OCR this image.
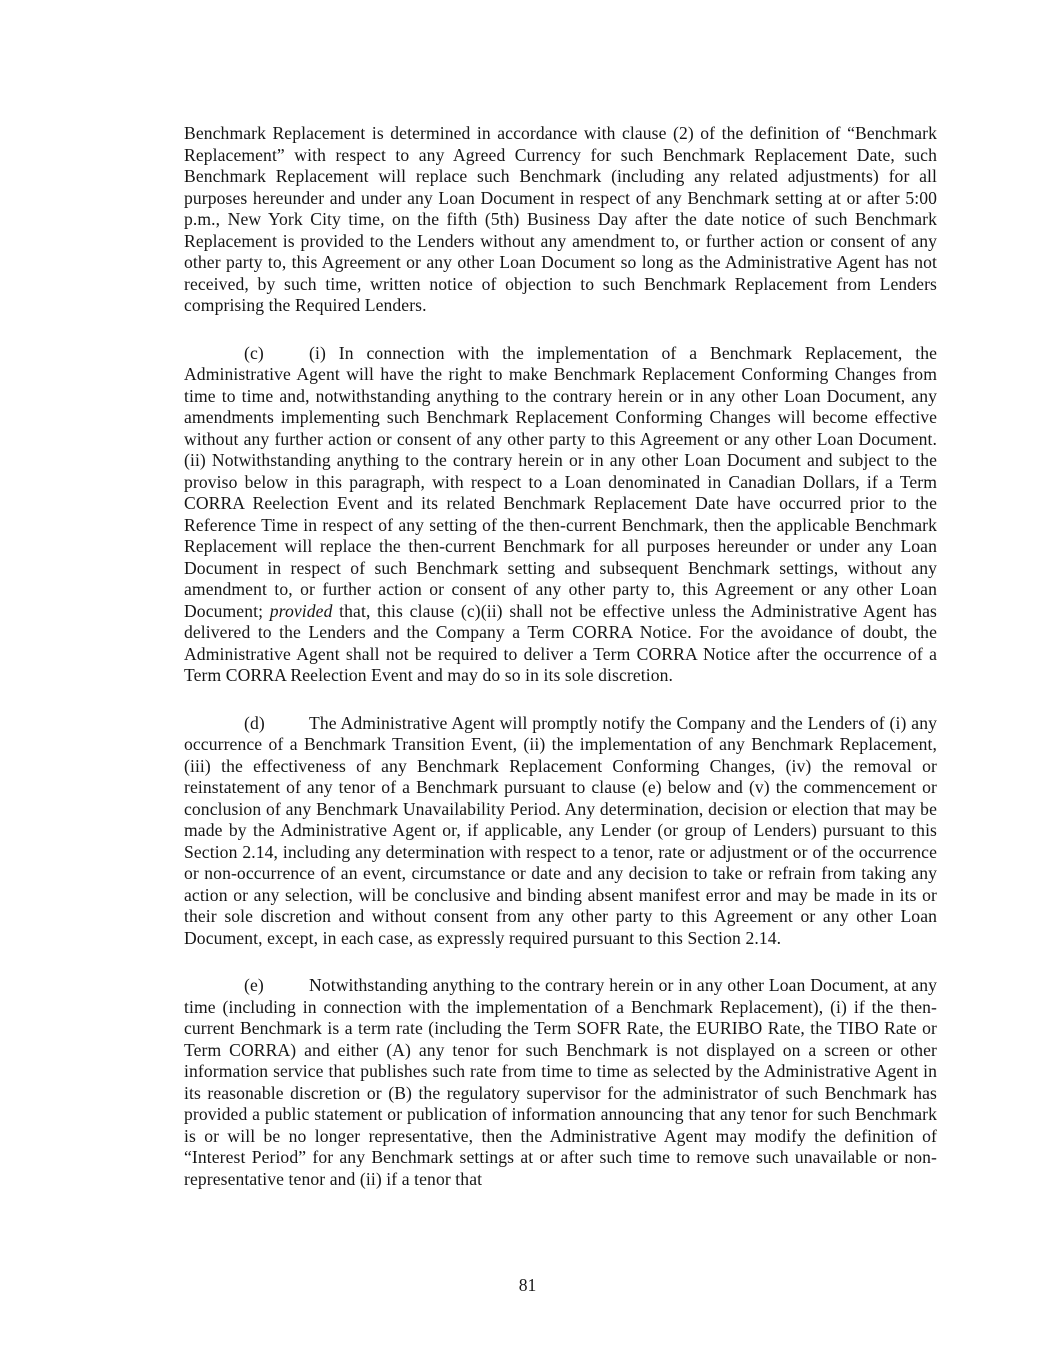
Benchmark Replacement is determined in accordance with clause (2) of the definition of “Benchmark Replacement” with respect to any Agreed Currency for such Benchmark Replacement Date, such Benchmark Replacement will replace such Benchmark (including any related adjustments) for all purposes hereunder and under any Loan Document in respect of any Benchmark setting at or after 5:00 p.m., New York City time, on the fifth (5th) Business Day after the date notice of such Benchmark Replacement is provided to the Lenders without any amendment to, or further action or consent of any other party to, this Agreement or any other Loan Document so long as the Administrative Agent has not received, by such time, written notice of objection to such Benchmark Replacement from Lenders comprising the Required Lenders.

(c)	(i) In connection with the implementation of a Benchmark Replacement, the Administrative Agent will have the right to make Benchmark Replacement Conforming Changes from time to time and, notwithstanding anything to the contrary herein or in any other Loan Document, any amendments implementing such Benchmark Replacement Conforming Changes will become effective without any further action or consent of any other party to this Agreement or any other Loan Document. (ii) Notwithstanding anything to the contrary herein or in any other Loan Document and subject to the proviso below in this paragraph, with respect to a Loan denominated in Canadian Dollars, if a Term CORRA Reelection Event and its related Benchmark Replacement Date have occurred prior to the Reference Time in respect of any setting of the then-current Benchmark, then the applicable Benchmark Replacement will replace the then-current Benchmark for all purposes hereunder or under any Loan Document in respect of such Benchmark setting and subsequent Benchmark settings, without any amendment to, or further action or consent of any other party to, this Agreement or any other Loan Document; provided that, this clause (c)(ii) shall not be effective unless the Administrative Agent has delivered to the Lenders and the Company a Term CORRA Notice. For the avoidance of doubt, the Administrative Agent shall not be required to deliver a Term CORRA Notice after the occurrence of a Term CORRA Reelection Event and may do so in its sole discretion.

(d)	The Administrative Agent will promptly notify the Company and the Lenders of (i) any occurrence of a Benchmark Transition Event, (ii) the implementation of any Benchmark Replacement, (iii) the effectiveness of any Benchmark Replacement Conforming Changes, (iv) the removal or reinstatement of any tenor of a Benchmark pursuant to clause (e) below and (v) the commencement or conclusion of any Benchmark Unavailability Period. Any determination, decision or election that may be made by the Administrative Agent or, if applicable, any Lender (or group of Lenders) pursuant to this Section 2.14, including any determination with respect to a tenor, rate or adjustment or of the occurrence or non-occurrence of an event, circumstance or date and any decision to take or refrain from taking any action or any selection, will be conclusive and binding absent manifest error and may be made in its or their sole discretion and without consent from any other party to this Agreement or any other Loan Document, except, in each case, as expressly required pursuant to this Section 2.14.

(e)	Notwithstanding anything to the contrary herein or in any other Loan Document, at any time (including in connection with the implementation of a Benchmark Replacement), (i) if the then-current Benchmark is a term rate (including the Term SOFR Rate, the EURIBO Rate, the TIBO Rate or Term CORRA) and either (A) any tenor for such Benchmark is not displayed on a screen or other information service that publishes such rate from time to time as selected by the Administrative Agent in its reasonable discretion or (B) the regulatory supervisor for the administrator of such Benchmark has provided a public statement or publication of information announcing that any tenor for such Benchmark is or will be no longer representative, then the Administrative Agent may modify the definition of “Interest Period” for any Benchmark settings at or after such time to remove such unavailable or non-representative tenor and (ii) if a tenor that

81
